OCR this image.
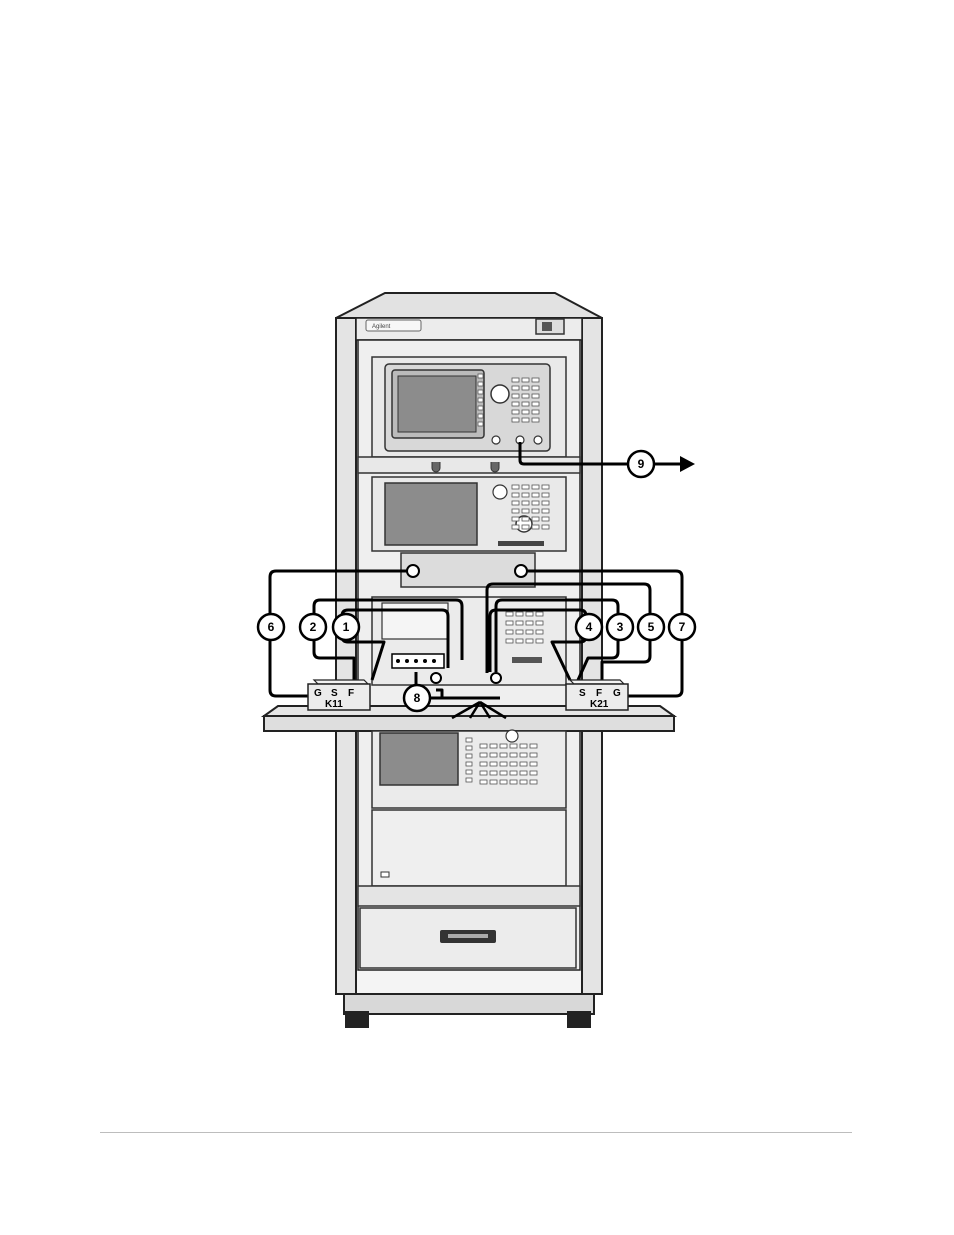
Agilent
G S F
K11
S F G
K21
1
2	3
4	5
6	7
8
9
